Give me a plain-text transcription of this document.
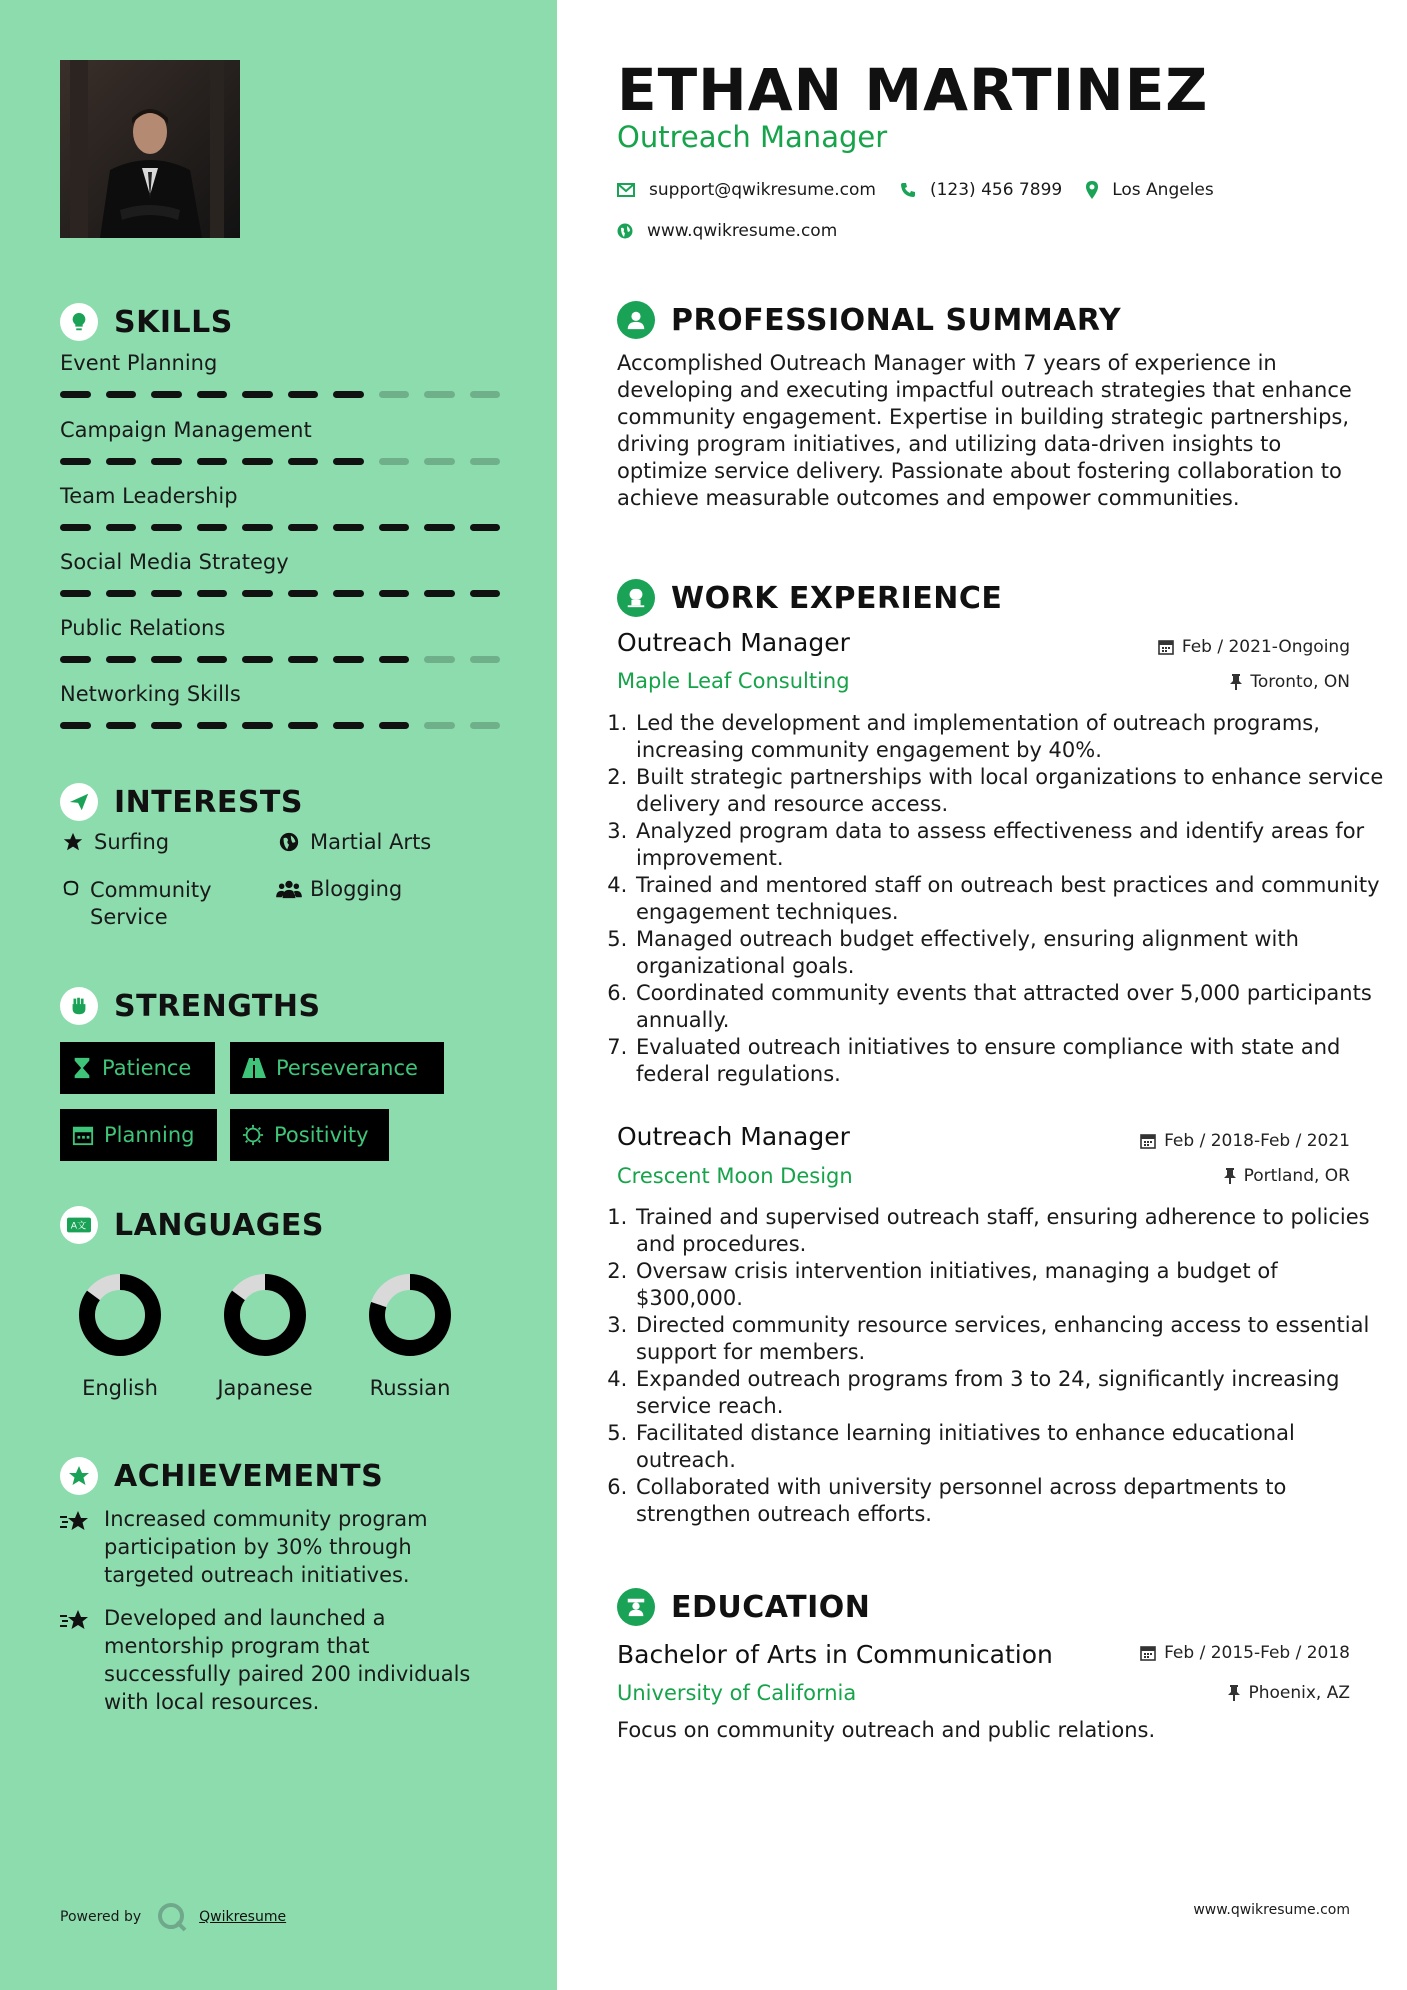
SKILLS
Event Planning
Campaign Management
Team Leadership
Social Media Strategy
Public Relations
Networking Skills
INTERESTS
Surfing	Martial Arts
Community Service
Blogging
STRENGTHS
Patience	Perseverance
Planning	Positivity
A文 LANGUAGES
English	Japanese	Russian
ACHIEVEMENTS
Increased community program participation by 30% through targeted outreach initiatives.
Developed and launched a mentorship program that successfully paired 200 individuals with local resources.
Powered by	Qwikresume
ETHAN MARTINEZ
Outreach Manager
support@qwikresume.com	(123) 456 7899	Los Angeles
www.qwikresume.com
PROFESSIONAL SUMMARY
Accomplished Outreach Manager with 7 years of experience in developing and executing impactful outreach strategies that enhance community engagement. Expertise in building strategic partnerships, driving program initiatives, and utilizing data-driven insights to optimize service delivery. Passionate about fostering collaboration to achieve measurable outcomes and empower communities.
WORK EXPERIENCE
Outreach Manager
Maple Leaf Consulting
Feb / 2021-Ongoing
Toronto, ON
1. Led the development and implementation of outreach programs, increasing community engagement by 40%.
2. Built strategic partnerships with local organizations to enhance service delivery and resource access.
3. Analyzed program data to assess effectiveness and identify areas for improvement.
4. Trained and mentored staff on outreach best practices and community engagement techniques.
5. Managed outreach budget effectively, ensuring alignment with organizational goals.
6. Coordinated community events that attracted over 5,000 participants annually.
7. Evaluated outreach initiatives to ensure compliance with state and federal regulations.
Outreach Manager
Crescent Moon Design
Feb / 2018-Feb / 2021
Portland, OR
1. Trained and supervised outreach staff, ensuring adherence to policies and procedures.
2. Oversaw crisis intervention initiatives, managing a budget of $300,000.
3. Directed community resource services, enhancing access to essential support for members.
4. Expanded outreach programs from 3 to 24, significantly increasing service reach.
5. Facilitated distance learning initiatives to enhance educational outreach.
6. Collaborated with university personnel across departments to strengthen outreach efforts.
EDUCATION
Bachelor of Arts in Communication
University of California
Feb / 2015-Feb / 2018
Phoenix, AZ
Focus on community outreach and public relations.
www.qwikresume.com
